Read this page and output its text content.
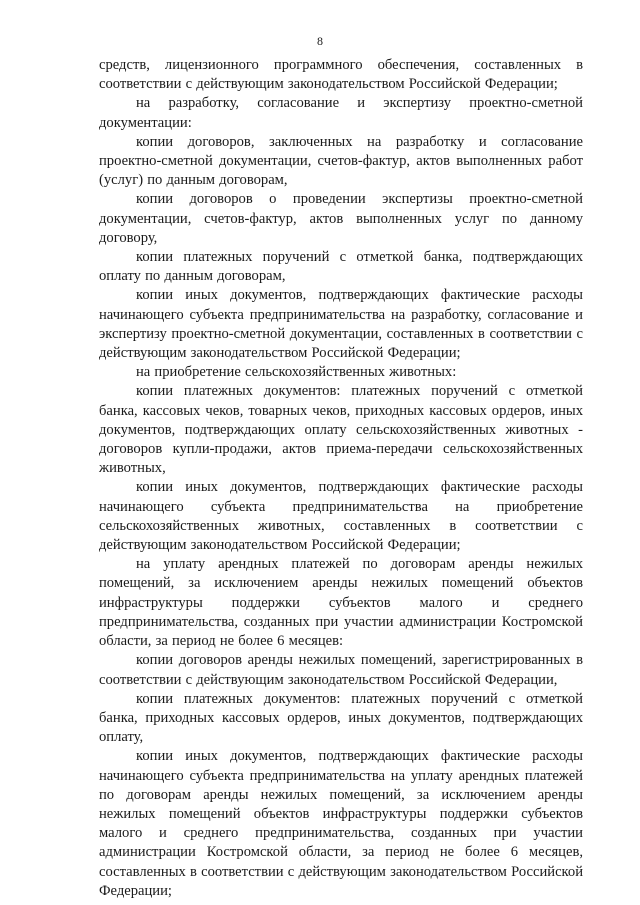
8

средств, лицензионного программного обеспечения, составленных в соответствии с действующим законодательством Российской Федерации;

на разработку, согласование и экспертизу проектно-сметной документации:

копии договоров, заключенных на разработку и согласование проектно-сметной документации, счетов-фактур, актов выполненных работ (услуг) по данным договорам,

копии договоров о проведении экспертизы проектно-сметной документации, счетов-фактур, актов выполненных услуг по данному договору,

копии платежных поручений с отметкой банка, подтверждающих оплату по данным договорам,

копии иных документов, подтверждающих фактические расходы начинающего субъекта предпринимательства на разработку, согласование и экспертизу проектно-сметной документации, составленных в соответствии с действующим законодательством Российской Федерации;

на приобретение сельскохозяйственных животных:

копии платежных документов: платежных поручений с отметкой банка, кассовых чеков, товарных чеков, приходных кассовых ордеров, иных документов, подтверждающих оплату сельскохозяйственных животных - договоров купли-продажи, актов приема-передачи сельскохозяйственных животных,

копии иных документов, подтверждающих фактические расходы начинающего субъекта предпринимательства на приобретение сельскохозяйственных животных, составленных в соответствии с действующим законодательством Российской Федерации;

на уплату арендных платежей по договорам аренды нежилых помещений, за исключением аренды нежилых помещений объектов инфраструктуры поддержки субъектов малого и среднего предпринимательства, созданных при участии администрации Костромской области, за период не более 6 месяцев:

копии договоров аренды нежилых помещений, зарегистрированных в соответствии с действующим законодательством Российской Федерации,

копии платежных документов: платежных поручений с отметкой банка, приходных кассовых ордеров, иных документов, подтверждающих оплату,

копии иных документов, подтверждающих фактические расходы начинающего субъекта предпринимательства на уплату арендных платежей по договорам аренды нежилых помещений, за исключением аренды нежилых помещений объектов инфраструктуры поддержки субъектов малого и среднего предпринимательства, созданных при участии администрации Костромской области, за период не более 6 месяцев, составленных в соответствии с действующим законодательством Российской Федерации;
